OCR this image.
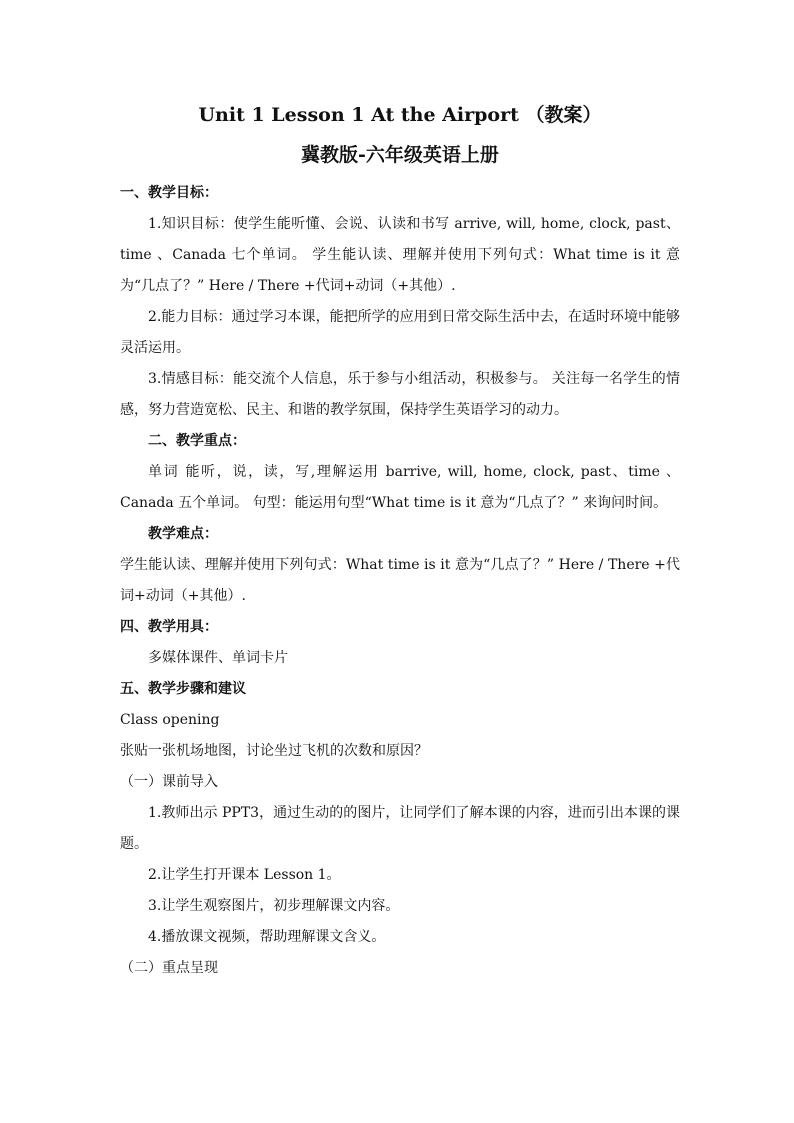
Unit 1 Lesson 1 At the Airport （教案）
冀教版-六年级英语上册
一、教学目标：

1.知识目标：使学生能听懂、会说、认读和书写 arrive, will, home, clock, past、time 、Canada 七个单词。 学生能认读、理解并使用下列句式：What time is it 意为“几点了？” Here / There +代词+动词（+其他）.

2.能力目标：通过学习本课，能把所学的应用到日常交际生活中去，在适时环境中能够灵活运用。

3.情感目标：能交流个人信息，乐于参与小组活动，积极参与。 关注每一名学生的情感，努力营造宽松、民主、和谐的教学氛围，保持学生英语学习的动力。

二、教学重点：

单词 能听，说，读，写,理解运用 barrive, will, home, clock, past、time 、Canada 五个单词。 句型：能运用句型“What time is it 意为“几点了？” 来询问时间。

教学难点：

学生能认读、理解并使用下列句式：What time is it 意为“几点了？” Here / There +代词+动词（+其他）.

四、教学用具：

多媒体课件、单词卡片

五、教学步骤和建议

Class opening

张贴一张机场地图，讨论坐过飞机的次数和原因？

（一）课前导入

1.教师出示 PPT3，通过生动的的图片，让同学们了解本课的内容，进而引出本课的课题。

2.让学生打开课本 Lesson 1。

3.让学生观察图片，初步理解课文内容。

4.播放课文视频，帮助理解课文含义。

（二）重点呈现
